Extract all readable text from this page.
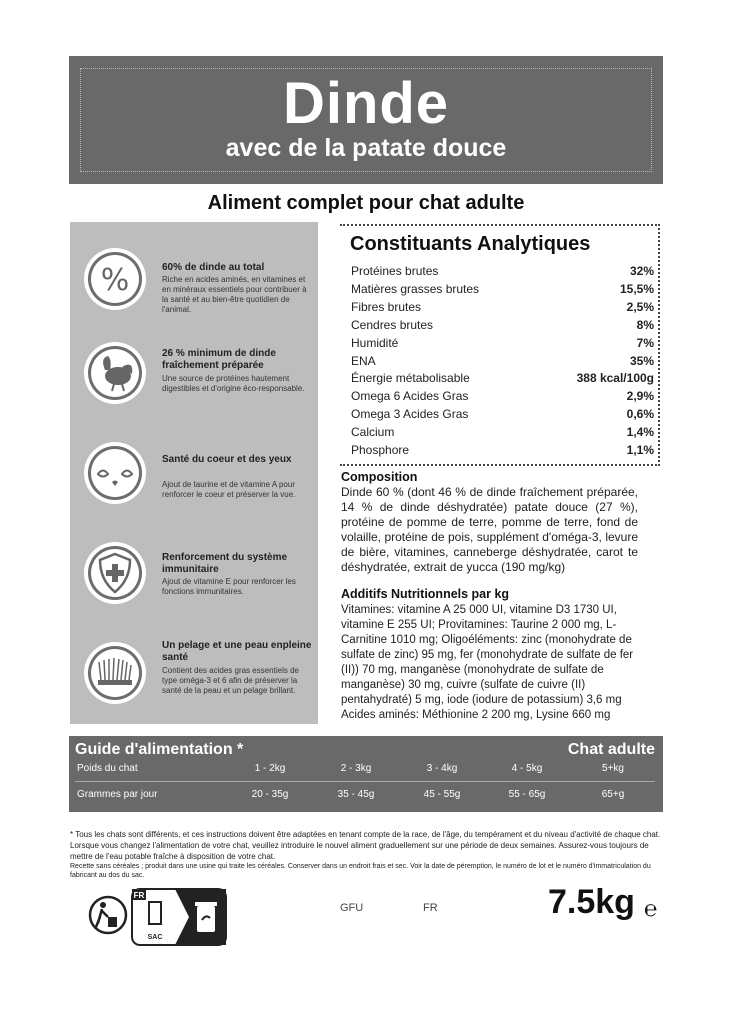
Dinde
avec de la patate douce
Aliment complet pour chat adulte
%	60% de dinde au total
Riche en acides aminés, en vitamines et en minéraux essentiels pour contribuer à la santé et au bien-être quotidien de l'animal.
26 % minimum de dinde fraîchement préparée
Une source de protéines hautement digestibles et d'origine éco-responsable.
Santé du coeur et des yeux
Ajout de taurine et de vitamine A pour renforcer le coeur et préserver la vue.
Renforcement du système immunitaire
Ajout de vitamine E pour renforcer les fonctions immunitaires.
Un pelage et une peau enpleine santé
Contient des acides gras essentiels de type oméga-3 et 6 afin de préserver la santé de la peau et un pelage brillant.
Constituants Analytiques
Protéines brutes	32%
Matières grasses brutes	15,5%
Fibres brutes	2,5%
Cendres brutes	8%
Humidité	7%
ENA	35%
Énergie métabolisable	388 kcal/100g
Omega 6 Acides Gras	2,9%
Omega 3 Acides Gras	0,6%
Calcium	1,4%
Phosphore	1,1%
Composition
Dinde 60 % (dont 46 % de dinde fraîchement préparée, 14 % de dinde déshydratée) patate douce (27 %), protéine de pomme de terre, pomme de terre, fond de volaille, protéine de pois, supplément d'oméga-3, levure de bière, vitamines, canneberge déshydratée, carot te déshydratée, extrait de yucca (190 mg/kg)
Additifs Nutritionnels par kg
Vitamines: vitamine A 25 000 UI, vitamine D3 1730 UI, vitamine E 255 UI; Provitamines: Taurine 2 000 mg, L-Carnitine 1010 mg; Oligoéléments: zinc (monohydrate de sulfate de zinc) 95 mg, fer (monohydrate de sulfate de fer (II)) 70 mg, manganèse (monohydrate de sulfate de manganèse) 30 mg, cuivre (sulfate de cuivre (II) pentahydraté) 5 mg, iode (iodure de potassium) 3,6 mg Acides aminés: Méthionine 2 200 mg, Lysine 660 mg
Guide d'alimentation *	Chat adulte
Poids du chat	1 - 2kg	2 - 3kg	3 - 4kg	4 - 5kg	5+kg
Grammes par jour	20 - 35g	35 - 45g	45 - 55g	55 - 65g	65+g
* Tous les chats sont différents, et ces instructions doivent être adaptées en tenant compte de la race, de l'âge, du tempérament et du niveau d'activité de chaque chat. Lorsque vous changez l'alimentation de votre chat, veuillez introduire le nouvel aliment graduellement sur une période de deux semaines. Assurez-vous toujours de mettre de l'eau potable fraîche à disposition de votre chat.
Recette sans céréales ; produit dans une usine qui traite les céréales. Conserver dans un endroit frais et sec. Voir la date de péremption, le numéro de lot et le numéro d'immatriculation du fabricant au dos du sac.
FR
SAC
GFU	FR	7.5kg ℮
